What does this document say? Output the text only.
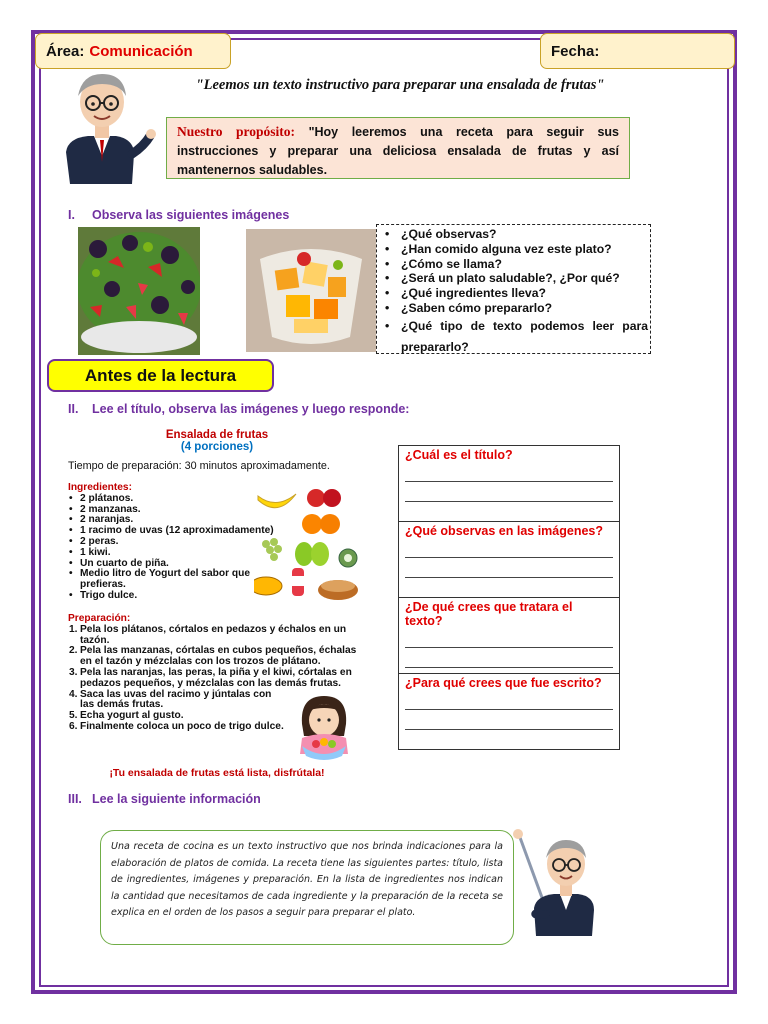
Área: Comunicación	Fecha:
"Leemos un texto instructivo para preparar una ensalada de frutas"
Nuestro propósito: "Hoy leeremos una receta para seguir sus instrucciones y preparar una deliciosa ensalada de frutas y así mantenernos saludables.
I. Observa las siguientes imágenes
• ¿Qué observas?
• ¿Han comido alguna vez este plato?
• ¿Cómo se llama?
• ¿Será un plato saludable?, ¿Por qué?
• ¿Qué ingredientes lleva?
• ¿Saben cómo prepararlo?
• ¿Qué tipo de texto podemos leer para prepararlo?
Antes de la lectura
II. Lee el título, observa las imágenes y luego responde:
Ensalada de frutas
(4 porciones)
Tiempo de preparación: 30 minutos aproximadamente.
Ingredientes:
• 2 plátanos.
• 2 manzanas.
• 2 naranjas.
• 1 racimo de uvas (12 aproximadamente)
• 2 peras.
• 1 kiwi.
• Un cuarto de piña.
• Medio litro de Yogurt del sabor que prefieras.
• Trigo dulce.
Preparación:
1. Pela los plátanos, córtalos en pedazos y échalos en un tazón.
2. Pela las manzanas, córtalas en cubos pequeños, échalas en el tazón y mézclalas con los trozos de plátano.
3. Pela las naranjas, las peras, la piña y el kiwi, córtalas en pedazos pequeños, y mézclalas con las demás frutas.
4. Saca las uvas del racimo y júntalas con las demás frutas.
5. Echa yogurt al gusto.
6. Finalmente coloca un poco de trigo dulce.
¡Tu ensalada de frutas está lista, disfrútala!
¿Cuál es el título?

¿Qué observas en las imágenes?

¿De qué crees que tratara el texto?

¿Para qué crees que fue escrito?
III. Lee la siguiente información
Una receta de cocina es un texto instructivo que nos brinda indicaciones para la elaboración de platos de comida. La receta tiene las siguientes partes: título, lista de ingredientes, imágenes y preparación. En la lista de ingredientes nos indican la cantidad que necesitamos de cada ingrediente y la preparación de la receta se explica en el orden de los pasos a seguir para preparar el plato.
